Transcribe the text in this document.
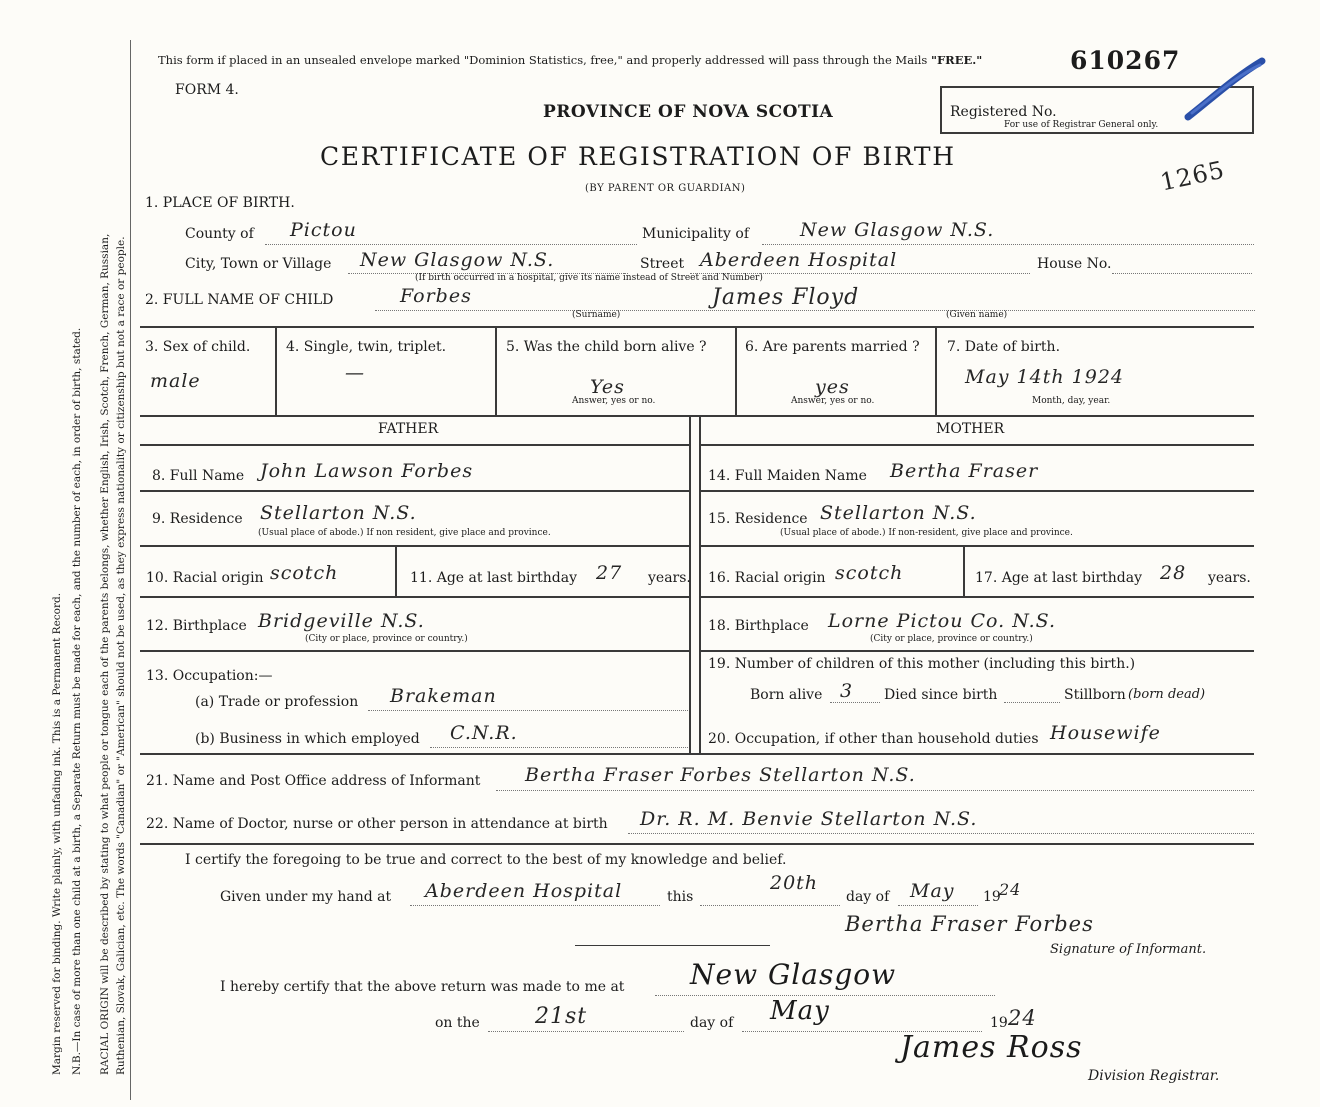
Margin reserved for binding. Write plainly, with unfading ink. This is a Permanent Record. N.B.—In case of more than one child at a birth, a Separate Return must be made for each, and the number of each, in order of birth, stated. RACIAL ORIGIN will be described by stating to what people or tongue each of the parents belongs, whether English, Irish, Scotch, French, German, Russian, Ruthenian, Slovak, Galician, etc. The words "Canadian" or "American" should not be used, as they express nationality or citizenship but not a race or people.
This form if placed in an unsealed envelope marked "Dominion Statistics, free," and properly addressed will pass through the Mails "FREE."	610267
FORM 4.
PROVINCE OF NOVA SCOTIA
CERTIFICATE OF REGISTRATION OF BIRTH
(BY PARENT OR GUARDIAN)
Registered No.
For use of Registrar General only.
1265
1. PLACE OF BIRTH.
County of Pictou	Municipality of	New Glasgow N.S.
City, Town or Village New Glasgow N.S.	Street Aberdeen Hospital	House No.
(If birth occurred in a hospital, give its name instead of Street and Number)
2. FULL NAME OF CHILD	Forbes
(Surname)
James Floyd
(Given name)
3. Sex of child.
male
4. Single, twin, triplet.
—
5. Was the child born alive ?
Yes
Answer, yes or no.
6. Are parents married ?
yes
Answer, yes or no.
7. Date of birth.
May 14th 1924
Month, day, year.
FATHER	MOTHER
8. Full Name John Lawson Forbes
9. Residence Stellarton N.S.
(Usual place of abode.) If non resident, give place and province.
10. Racial origin scotch	11. Age at last birthday 27 years.
12. Birthplace Bridgeville N.S.
(City or place, province or country.)
13. Occupation:—
(a) Trade or profession Brakeman
(b) Business in which employed C.N.R.
14. Full Maiden Name Bertha Fraser
15. Residence Stellarton N.S.
(Usual place of abode.) If non-resident, give place and province.
16. Racial origin scotch	17. Age at last birthday 28 years.
18. Birthplace Lorne Pictou Co. N.S.
(City or place, province or country.)
19. Number of children of this mother (including this birth.)
Born alive 3 Died since birth	Stillborn (born dead)
20. Occupation, if other than household duties Housewife
21. Name and Post Office address of Informant Bertha Fraser Forbes Stellarton N.S.
22. Name of Doctor, nurse or other person in attendance at birth Dr. R. M. Benvie Stellarton N.S.
I certify the foregoing to be true and correct to the best of my knowledge and belief.
Given under my hand at Aberdeen Hospital	this
20th
day of May 19
24
Bertha Fraser Forbes
Signature of Informant.
I hereby certify that the above return was made to me at New Glasgow
on the	21st	day of May	19 24
James Ross
Division Registrar.
